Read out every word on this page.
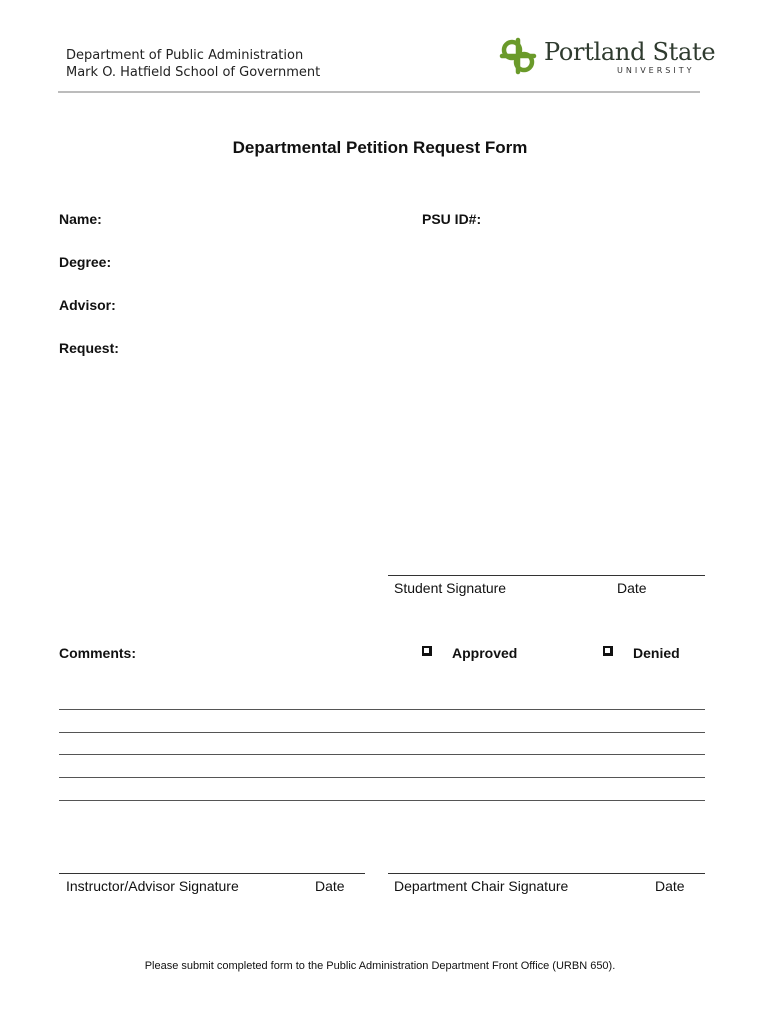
Department of Public Administration
Mark O. Hatfield School of Government
Portland State
UNIVERSITY
Departmental Petition Request Form
Name:	PSU ID#:
Degree:
Advisor:
Request:
Student Signature	Date
Comments:	Approved	Denied
Instructor/Advisor Signature	Date	Department Chair Signature	Date
Please submit completed form to the Public Administration Department Front Office (URBN 650).
